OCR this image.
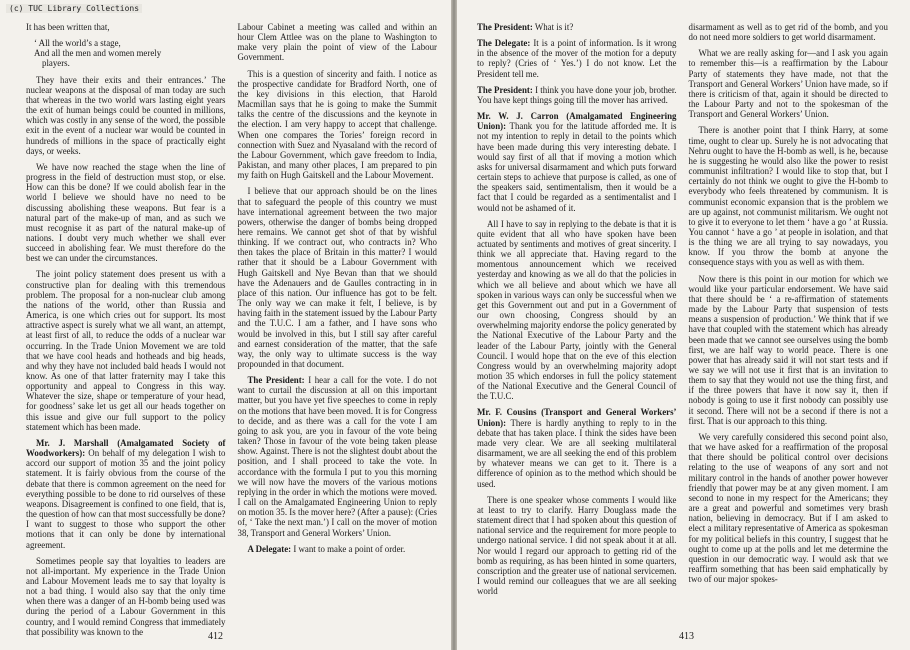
(c) TUC Library Collections

It has been written that,

‘ All the world’s a stage,

And all the men and women merely

players.

They have their exits and their entrances.’ The nuclear weapons at the disposal of man today are such that whereas in the two world wars lasting eight years the exit of human beings could be counted in millions, which was costly in any sense of the word, the possible exit in the event of a nuclear war would be counted in hundreds of millions in the space of practically eight days, or weeks.

We have now reached the stage when the line of progress in the field of destruction must stop, or else. How can this be done? If we could abolish fear in the world I believe we should have no need to be discussing abolishing these weapons. But fear is a natural part of the make-up of man, and as such we must recognise it as part of the natural make-up of nations. I doubt very much whether we shall ever succeed in abolishing fear. We must therefore do the best we can under the circumstances.

The joint policy statement does present us with a constructive plan for dealing with this tremendous problem. The proposal for a non-nuclear club among the nations of the world, other than Russia and America, is one which cries out for support. Its most attractive aspect is surely what we all want, an attempt, at least first of all, to reduce the odds of a nuclear war occurring. In the Trade Union Movement we are told that we have cool heads and hotheads and big heads, and why they have not included bald heads I would not know. As one of that latter fraternity may I take this opportunity and appeal to Congress in this way. Whatever the size, shape or temperature of your head, for goodness’ sake let us get all our heads together on this issue and give our full support to the policy statement which has been made.

Mr. J. Marshall (Amalgamated Society of Woodworkers): On behalf of my delegation I wish to accord our support of motion 35 and the joint policy statement. It is fairly obvious from the course of the debate that there is common agreement on the need for everything possible to be done to rid ourselves of these weapons. Disagreement is confined to one field, that is, the question of how can that most successfully be done? I want to suggest to those who support the other motions that it can only be done by international agreement.

Sometimes people say that loyalties to leaders are not all-important. My experience in the Trade Union and Labour Movement leads me to say that loyalty is not a bad thing. I would also say that the only time when there was a danger of an H-bomb being used was during the period of a Labour Government in this country, and I would remind Congress that immediately that possibility was known to the

Labour Cabinet a meeting was called and within an hour Clem Attlee was on the plane to Washington to make very plain the point of view of the Labour Government.

This is a question of sincerity and faith. I notice as the prospective candidate for Bradford North, one of the key divisions in this election, that Harold Macmillan says that he is going to make the Summit talks the centre of the discussions and the keynote in the election. I am very happy to accept that challenge. When one compares the Tories’ foreign record in connection with Suez and Nyasaland with the record of the Labour Government, which gave freedom to India, Pakistan, and many other places, I am prepared to pin my faith on Hugh Gaitskell and the Labour Movement.

I believe that our approach should be on the lines that to safeguard the people of this country we must have international agreement between the two major powers, otherwise the danger of bombs being dropped here remains. We cannot get shot of that by wishful thinking. If we contract out, who contracts in? Who then takes the place of Britain in this matter? I would rather that it should be a Labour Government with Hugh Gaitskell and Nye Bevan than that we should have the Adenauers and de Gaulles contracting in in place of this nation. Our influence has got to be felt. The only way we can make it felt, I believe, is by having faith in the statement issued by the Labour Party and the T.U.C. I am a father, and I have sons who would be involved in this, but I still say after careful and earnest consideration of the matter, that the safe way, the only way to ultimate success is the way propounded in that document.

The President: I hear a call for the vote. I do not want to curtail the discussion at all on this important matter, but you have yet five speeches to come in reply on the motions that have been moved. It is for Congress to decide, and as there was a call for the vote I am going to ask you, are you in favour of the vote being taken? Those in favour of the vote being taken please show. Against. There is not the slightest doubt about the position, and I shall proceed to take the vote. In accordance with the formula I put to you this morning we will now have the movers of the various motions replying in the order in which the motions were moved. I call on the Amalgamated Engineering Union to reply on motion 35. Is the mover here? (After a pause): (Cries of, ‘ Take the next man.’) I call on the mover of motion 38, Transport and General Workers’ Union.

A Delegate: I want to make a point of order.

412

The President: What is it?

The Delegate: It is a point of information. Is it wrong in the absence of the mover of the motion for a deputy to reply? (Cries of ‘ Yes.’) I do not know. Let the President tell me.

The President: I think you have done your job, brother. You have kept things going till the mover has arrived.

Mr. W. J. Carron (Amalgamated Engineering Union): Thank you for the latitude afforded me. It is not my intention to reply in detail to the points which have been made during this very interesting debate. I would say first of all that if moving a motion which asks for universal disarmament and which puts forward certain steps to achieve that purpose is called, as one of the speakers said, sentimentalism, then it would be a fact that I could be regarded as a sentimentalist and I would not be ashamed of it.

All I have to say in replying to the debate is that it is quite evident that all who have spoken have been actuated by sentiments and motives of great sincerity. I think we all appreciate that. Having regard to the momentous announcement which we received yesterday and knowing as we all do that the policies in which we all believe and about which we have all spoken in various ways can only be successful when we get this Government out and put in a Government of our own choosing, Congress should by an overwhelming majority endorse the policy generated by the National Executive of the Labour Party and the leader of the Labour Party, jointly with the General Council. I would hope that on the eve of this election Congress would by an overwhelming majority adopt motion 35 which endorses in full the policy statement of the National Executive and the General Council of the T.U.C.

Mr. F. Cousins (Transport and General Workers’ Union): There is hardly anything to reply to in the debate that has taken place. I think the sides have been made very clear. We are all seeking multilateral disarmament, we are all seeking the end of this problem by whatever means we can get to it. There is a difference of opinion as to the method which should be used.

There is one speaker whose comments I would like at least to try to clarify. Harry Douglass made the statement direct that I had spoken about this question of national service and the requirement for more people to undergo national service. I did not speak about it at all. Nor would I regard our approach to getting rid of the bomb as requiring, as has been hinted in some quarters, conscription and the greater use of national servicemen. I would remind our colleagues that we are all seeking world

disarmament as well as to get rid of the bomb, and you do not need more soldiers to get world disarmament.

What we are really asking for—and I ask you again to remember this—is a reaffirmation by the Labour Party of statements they have made, not that the Transport and General Workers’ Union have made, so if there is criticism of that, again it should be directed to the Labour Party and not to the spokesman of the Transport and General Workers’ Union.

There is another point that I think Harry, at some time, ought to clear up. Surely he is not advocating that Nehru ought to have the H-bomb as well, is he, because he is suggesting he would also like the power to resist communist infiltration? I would like to stop that, but I certainly do not think we ought to give the H-bomb to everybody who feels threatened by communism. It is communist economic expansion that is the problem we are up against, not communist militarism. We ought not to give it to everyone to let them ‘ have a go ’ at Russia. You cannot ‘ have a go ’ at people in isolation, and that is the thing we are all trying to say nowadays, you know. If you throw the bomb at anyone the consequence stays with you as well as with them.

Now there is this point in our motion for which we would like your particular endorsement. We have said that there should be ‘ a re-affirmation of statements made by the Labour Party that suspension of tests means a suspension of production.’ We think that if we have that coupled with the statement which has already been made that we cannot see ourselves using the bomb first, we are half way to world peace. There is one power that has already said it will not start tests and if we say we will not use it first that is an invitation to them to say that they would not use the thing first, and if the three powers that have it now say it, then if nobody is going to use it first nobody can possibly use it second. There will not be a second if there is not a first. That is our approach to this thing.

We very carefully considered this second point also, that we have asked for a reaffirmation of the proposal that there should be political control over decisions relating to the use of weapons of any sort and not military control in the hands of another power however friendly that power may be at any given moment. I am second to none in my respect for the Americans; they are a great and powerful and sometimes very brash nation, believing in democracy. But if I am asked to elect a military representative of America as spokesman for my political beliefs in this country, I suggest that he ought to come up at the polls and let me determine the question in our democratic way. I would ask that we reaffirm something that has been said emphatically by two of our major spokes-

413
